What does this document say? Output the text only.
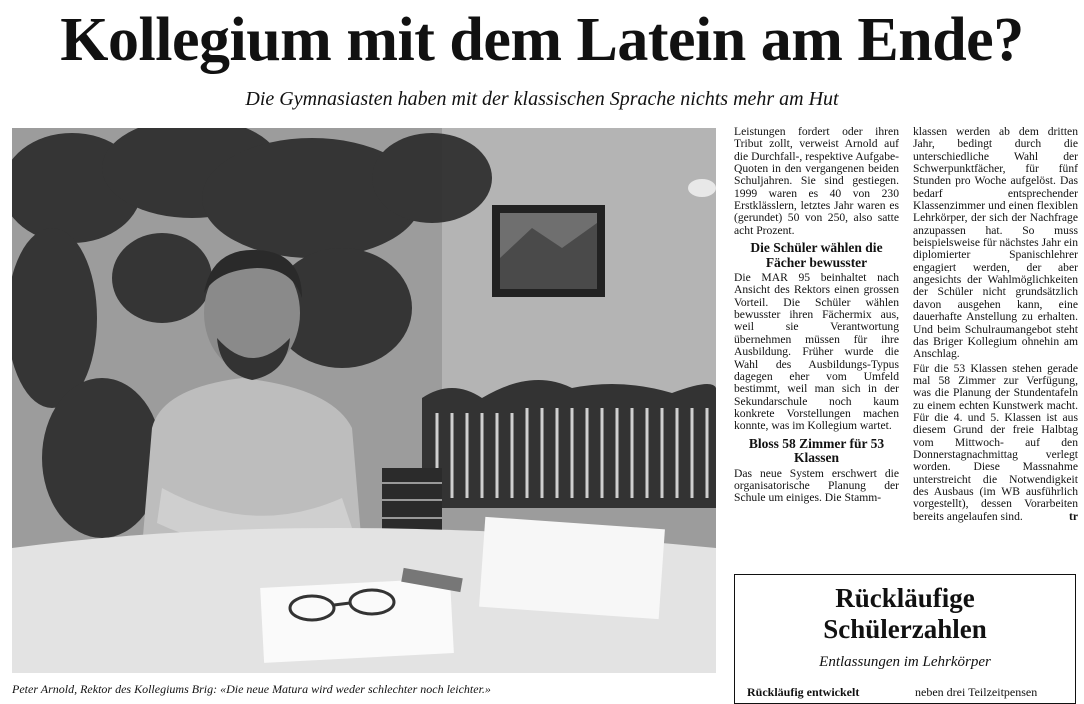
Kollegium mit dem Latein am Ende?
Die Gymnasiasten haben mit der klassischen Sprache nichts mehr am Hut
Peter Arnold, Rektor des Kollegiums Brig: «Die neue Matura wird weder schlechter noch leichter.»

Leistungen fordert oder ihren Tribut zollt, verweist Arnold auf die Durchfall-, respektive Aufgabe-Quoten in den vergangenen beiden Schuljahren. Sie sind gestiegen. 1999 waren es 40 von 230 Erstklässlern, letztes Jahr waren es (gerundet) 50 von 250, also satte acht Prozent.

Die Schüler wählen die Fächer bewusster

Die MAR 95 beinhaltet nach Ansicht des Rektors einen grossen Vorteil. Die Schüler wählen bewusster ihren Fächermix aus, weil sie Verantwortung übernehmen müssen für ihre Ausbildung. Früher wurde die Wahl des Ausbildungs-Typus dagegen eher vom Umfeld bestimmt, weil man sich in der Sekundarschule noch kaum konkrete Vorstellungen machen konnte, was im Kollegium wartet.

Bloss 58 Zimmer für 53 Klassen

Das neue System erschwert die organisatorische Planung der Schule um einiges. Die Stamm-

klassen werden ab dem dritten Jahr, bedingt durch die unterschiedliche Wahl der Schwerpunktfächer, für fünf Stunden pro Woche aufgelöst. Das bedarf entsprechender Klassenzimmer und einen flexiblen Lehrkörper, der sich der Nachfrage anzupassen hat. So muss beispielsweise für nächstes Jahr ein diplomierter Spanischlehrer engagiert werden, der aber angesichts der Wahlmöglichkeiten der Schüler nicht grundsätzlich davon ausgehen kann, eine dauerhafte Anstellung zu erhalten. Und beim Schulraumangebot steht das Briger Kollegium ohnehin am Anschlag.

Für die 53 Klassen stehen gerade mal 58 Zimmer zur Verfügung, was die Planung der Stundentafeln zu einem echten Kunstwerk macht. Für die 4. und 5. Klassen ist aus diesem Grund der freie Halbtag vom Mittwoch- auf den Donnerstagnachmittag verlegt worden. Diese Massnahme unterstreicht die Notwendigkeit des Ausbaus (im WB ausführlich vorgestellt), dessen Vorarbeiten bereits angelaufen sind.	tr

Rückläufige
Schülerzahlen
Entlassungen im Lehrkörper
Rückläufig entwickelt	neben drei Teilzeitpensen
